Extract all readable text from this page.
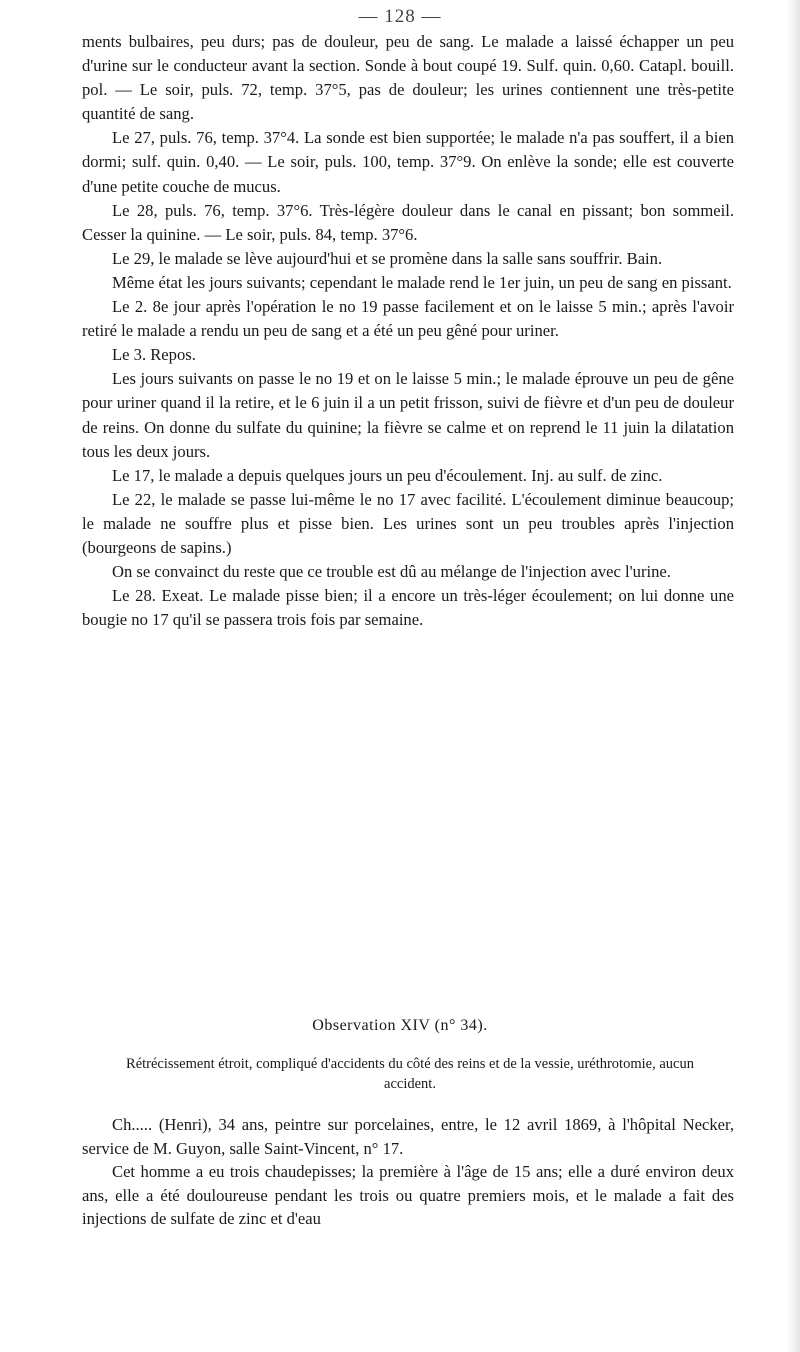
— 128 —

ments bulbaires, peu durs; pas de douleur, peu de sang. Le malade a laissé échapper un peu d'urine sur le conducteur avant la section. Sonde à bout coupé 19. Sulf. quin. 0,60. Catapl. bouill. pol. — Le soir, puls. 72, temp. 37°5, pas de douleur; les urines contiennent une très-petite quantité de sang.

Le 27, puls. 76, temp. 37°4. La sonde est bien supportée; le malade n'a pas souffert, il a bien dormi; sulf. quin. 0,40. — Le soir, puls. 100, temp. 37°9. On enlève la sonde; elle est couverte d'une petite couche de mucus.

Le 28, puls. 76, temp. 37°6. Très-légère douleur dans le canal en pissant; bon sommeil. Cesser la quinine. — Le soir, puls. 84, temp. 37°6.

Le 29, le malade se lève aujourd'hui et se promène dans la salle sans souffrir. Bain.

Même état les jours suivants; cependant le malade rend le 1er juin, un peu de sang en pissant.

Le 2. 8e jour après l'opération le no 19 passe facilement et on le laisse 5 min.; après l'avoir retiré le malade a rendu un peu de sang et a été un peu gêné pour uriner.

Le 3. Repos.

Les jours suivants on passe le no 19 et on le laisse 5 min.; le malade éprouve un peu de gêne pour uriner quand il la retire, et le 6 juin il a un petit frisson, suivi de fièvre et d'un peu de douleur de reins. On donne du sulfate du quinine; la fièvre se calme et on reprend le 11 juin la dilatation tous les deux jours.

Le 17, le malade a depuis quelques jours un peu d'écoulement. Inj. au sulf. de zinc.

Le 22, le malade se passe lui-même le no 17 avec facilité. L'écoulement diminue beaucoup; le malade ne souffre plus et pisse bien. Les urines sont un peu troubles après l'injection (bourgeons de sapins.)

On se convainct du reste que ce trouble est dû au mélange de l'injection avec l'urine.

Le 28. Exeat. Le malade pisse bien; il a encore un très-léger écoulement; on lui donne une bougie no 17 qu'il se passera trois fois par semaine.

Observation XIV (n° 34).
Rétrécissement étroit, compliqué d'accidents du côté des reins et de la vessie, uréthrotomie, aucun accident.

Ch..... (Henri), 34 ans, peintre sur porcelaines, entre, le 12 avril 1869, à l'hôpital Necker, service de M. Guyon, salle Saint-Vincent, n° 17.

Cet homme a eu trois chaudepisses; la première à l'âge de 15 ans; elle a duré environ deux ans, elle a été douloureuse pendant les trois ou quatre premiers mois, et le malade a fait des injections de sulfate de zinc et d'eau
